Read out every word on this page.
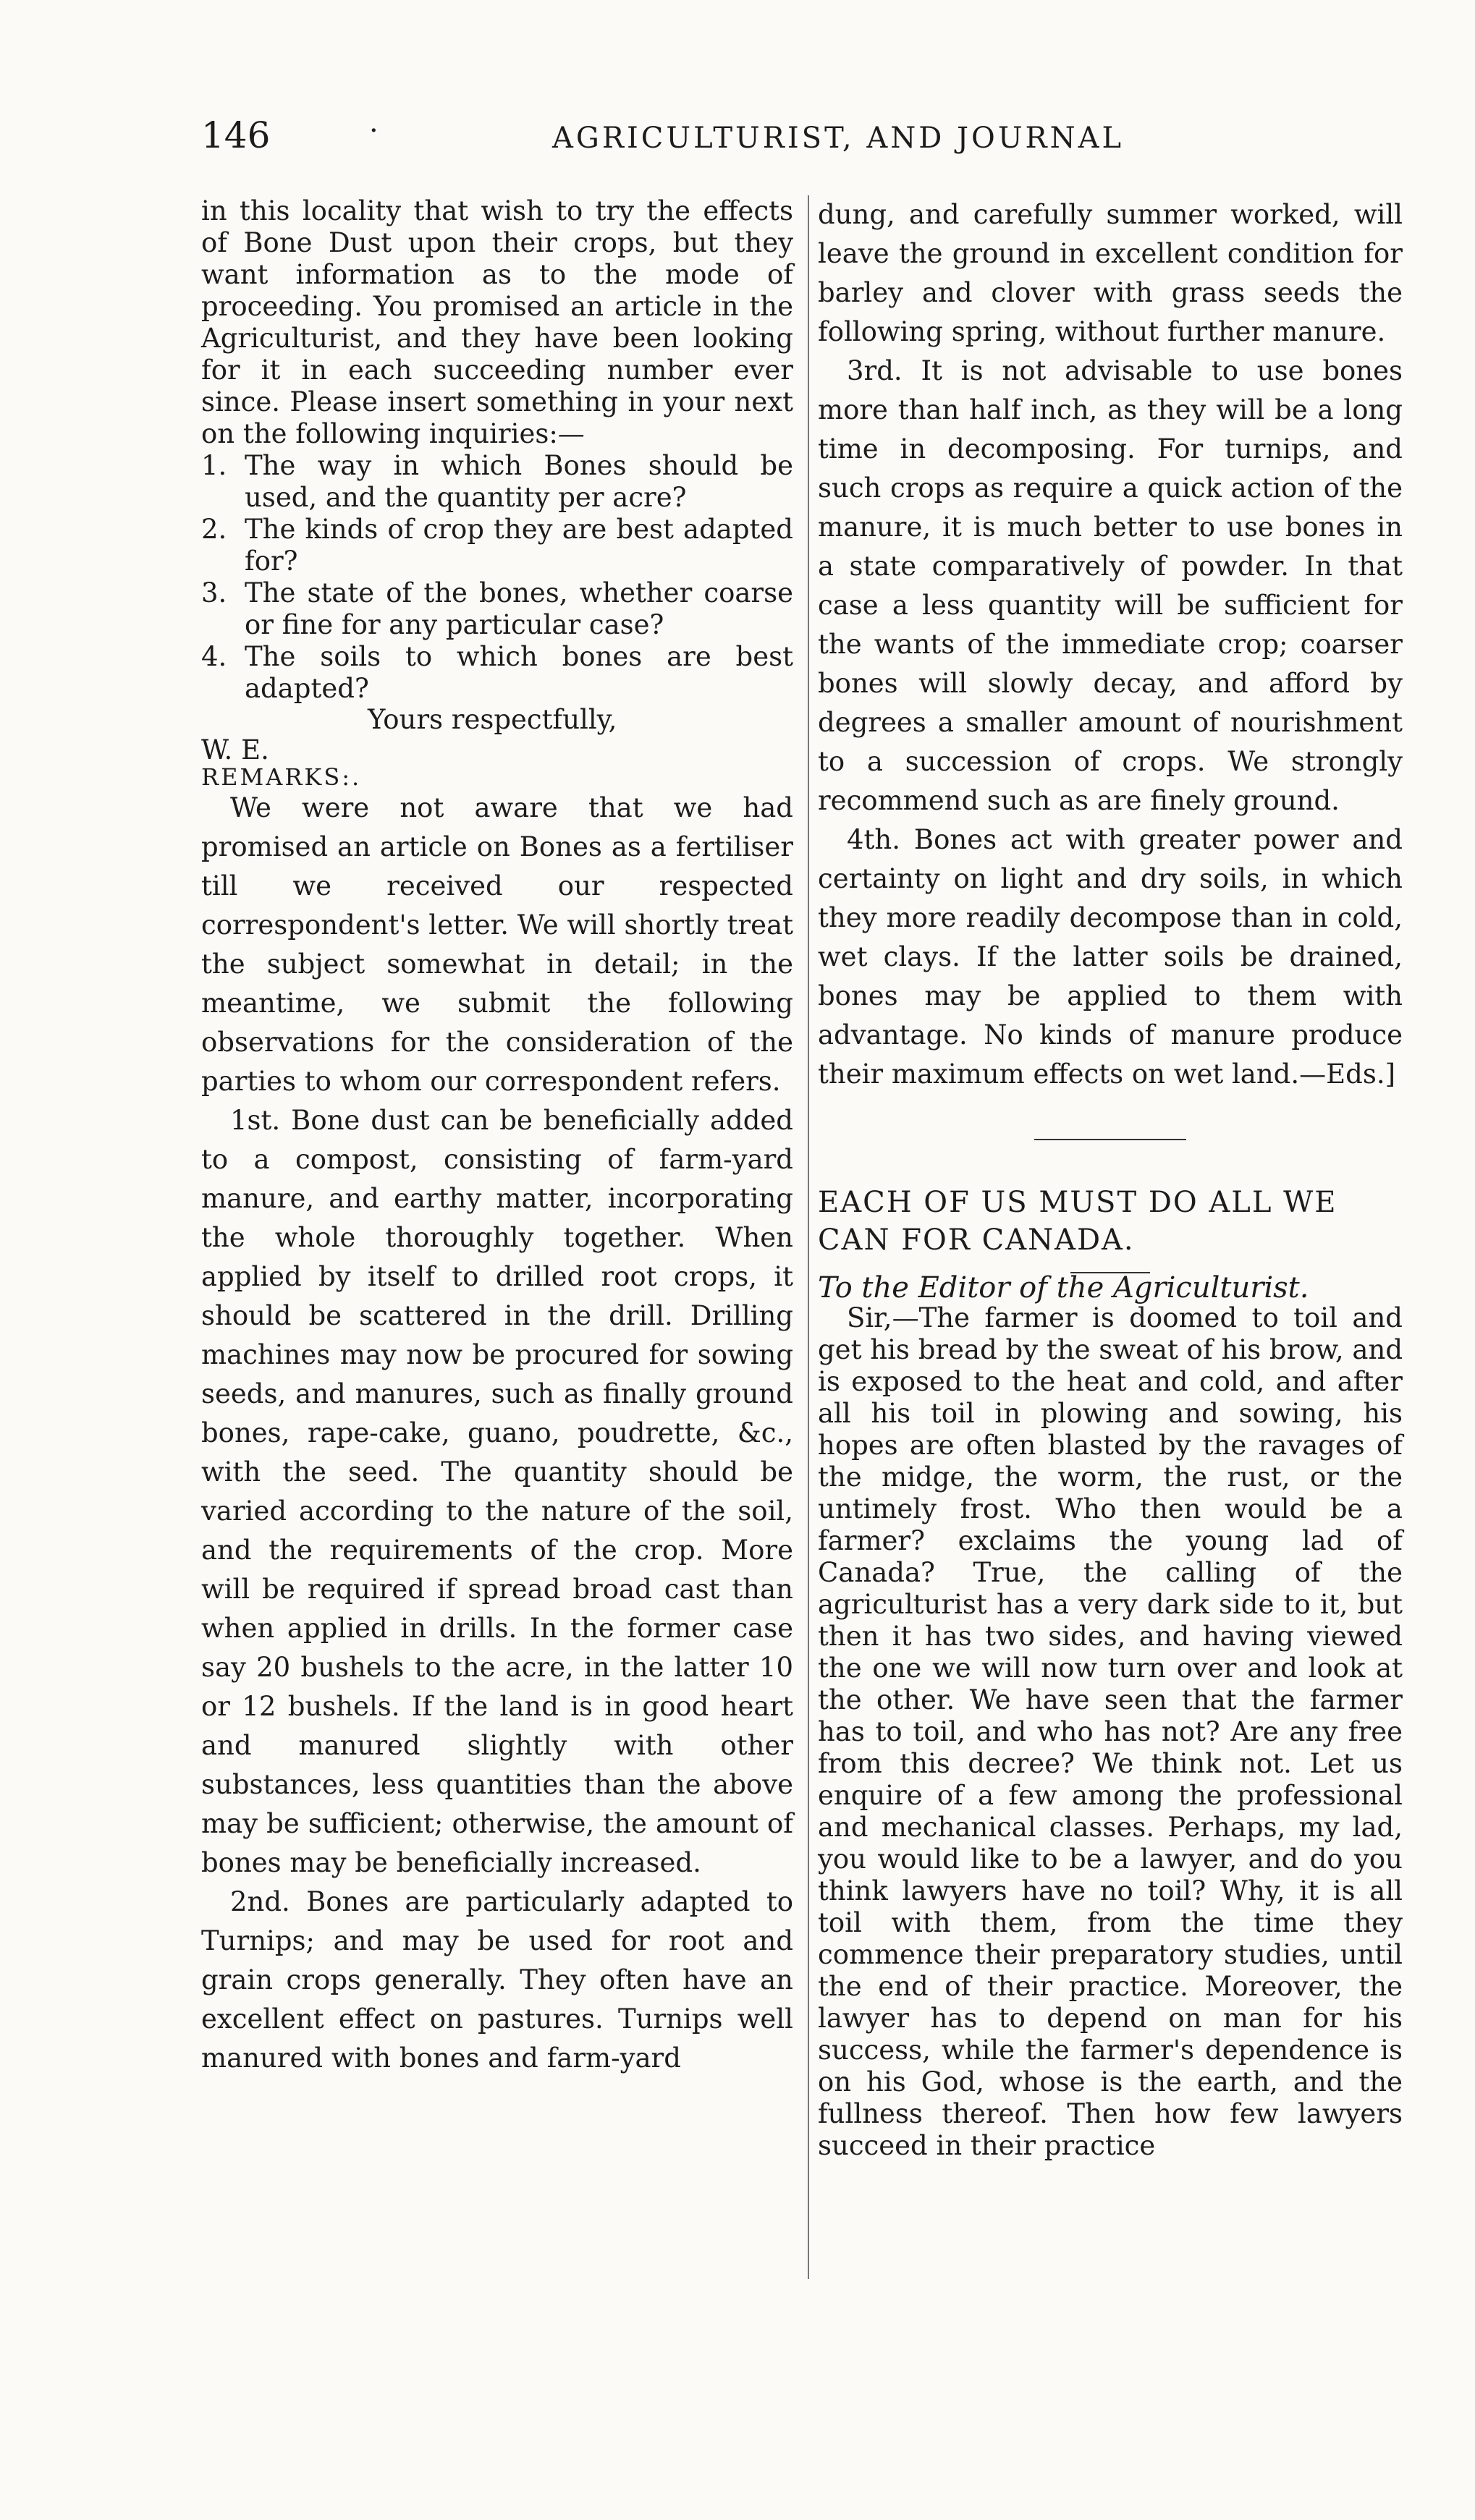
146	·	AGRICULTURIST, AND JOURNAL

in this locality that wish to try the effects of Bone Dust upon their crops, but they want information as to the mode of proceeding. You promised an article in the Agriculturist, and they have been looking for it in each succeeding number ever since. Please insert something in your next on the following inquiries:—

1. The way in which Bones should be used, and the quantity per acre?

2. The kinds of crop they are best adapted for?

3. The state of the bones, whether coarse or fine for any particular case?

4. The soils to which bones are best adapted?

Yours respectfully,

W. E.

REMARKS:.

We were not aware that we had promised an article on Bones as a fertiliser till we received our respected correspondent's letter. We will shortly treat the subject somewhat in detail; in the meantime, we submit the following observations for the consideration of the parties to whom our correspondent refers.

1st. Bone dust can be beneficially added to a compost, consisting of farm-yard manure, and earthy matter, incorporating the whole thoroughly together. When applied by itself to drilled root crops, it should be scattered in the drill. Drilling machines may now be procured for sowing seeds, and manures, such as finally ground bones, rape-cake, guano, poudrette, &c., with the seed. The quantity should be varied according to the nature of the soil, and the requirements of the crop. More will be required if spread broad cast than when applied in drills. In the former case say 20 bushels to the acre, in the latter 10 or 12 bushels. If the land is in good heart and manured slightly with other substances, less quantities than the above may be sufficient; otherwise, the amount of bones may be beneficially increased.

2nd. Bones are particularly adapted to Turnips; and may be used for root and grain crops generally. They often have an excellent effect on pastures. Turnips well manured with bones and farm-yard

dung, and carefully summer worked, will leave the ground in excellent condition for barley and clover with grass seeds the following spring, without further manure.

3rd. It is not advisable to use bones more than half inch, as they will be a long time in decomposing. For turnips, and such crops as require a quick action of the manure, it is much better to use bones in a state comparatively of powder. In that case a less quantity will be sufficient for the wants of the immediate crop; coarser bones will slowly decay, and afford by degrees a smaller amount of nourishment to a succession of crops. We strongly recommend such as are finely ground.

4th. Bones act with greater power and certainty on light and dry soils, in which they more readily decompose than in cold, wet clays. If the latter soils be drained, bones may be applied to them with advantage. No kinds of manure produce their maximum effects on wet land.—Eds.]

EACH OF US MUST DO ALL WE

CAN FOR CANADA.

To the Editor of the Agriculturist.

Sir,—The farmer is doomed to toil and get his bread by the sweat of his brow, and is exposed to the heat and cold, and after all his toil in plowing and sowing, his hopes are often blasted by the ravages of the midge, the worm, the rust, or the untimely frost. Who then would be a farmer? exclaims the young lad of Canada? True, the calling of the agriculturist has a very dark side to it, but then it has two sides, and having viewed the one we will now turn over and look at the other. We have seen that the farmer has to toil, and who has not? Are any free from this decree? We think not. Let us enquire of a few among the professional and mechanical classes. Perhaps, my lad, you would like to be a lawyer, and do you think lawyers have no toil? Why, it is all toil with them, from the time they commence their preparatory studies, until the end of their practice. Moreover, the lawyer has to depend on man for his success, while the farmer's dependence is on his God, whose is the earth, and the fullness thereof. Then how few lawyers succeed in their practice
